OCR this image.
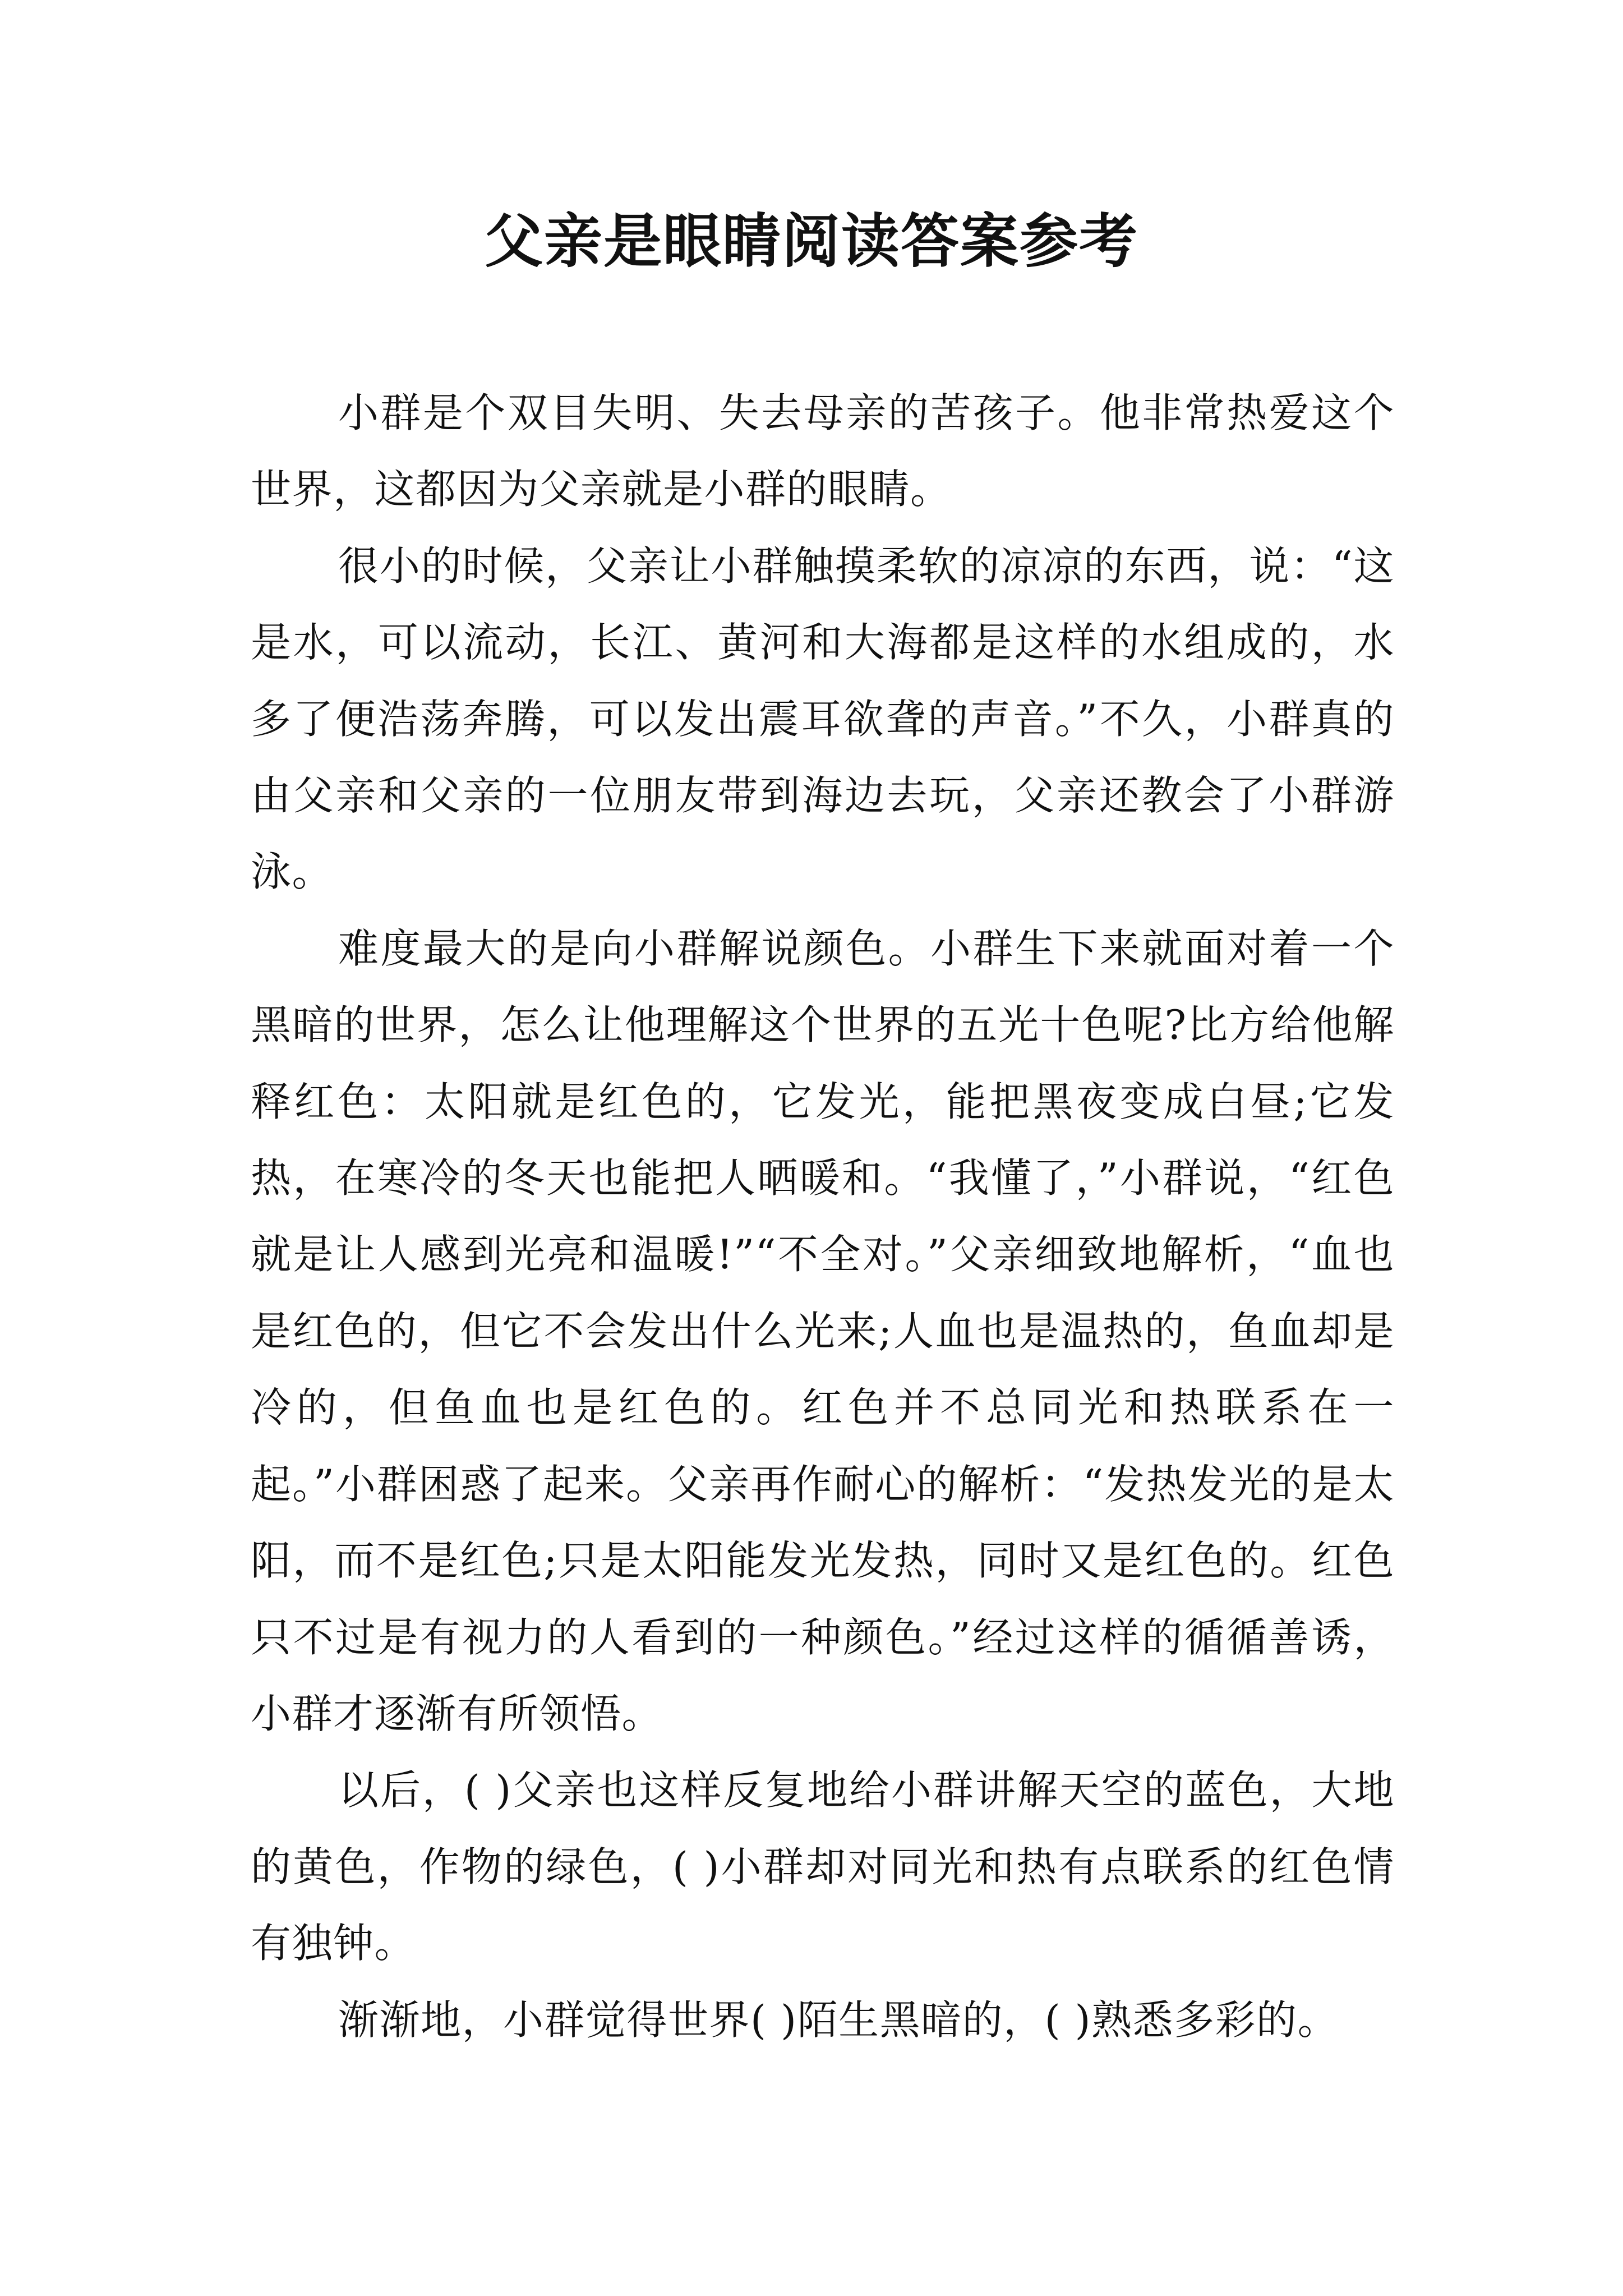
父亲是眼睛阅读答案参考

小群是个双目失明、失去母亲的苦孩子。他非常热爱这个世界，这都因为父亲就是小群的眼睛。

很小的时候，父亲让小群触摸柔软的凉凉的东西，说：“这是水，可以流动，长江、黄河和大海都是这样的水组成的，水多了便浩荡奔腾，可以发出震耳欲聋的声音。”不久，小群真的由父亲和父亲的一位朋友带到海边去玩，父亲还教会了小群游泳。

难度最大的是向小群解说颜色。小群生下来就面对着一个黑暗的世界，怎么让他理解这个世界的五光十色呢?比方给他解释红色：太阳就是红色的，它发光，能把黑夜变成白昼;它发热，在寒冷的冬天也能把人晒暖和。“我懂了，”小群说，“红色就是让人感到光亮和温暖!”“不全对。”父亲细致地解析，“血也是红色的，但它不会发出什么光来;人血也是温热的，鱼血却是冷的，但鱼血也是红色的。红色并不总同光和热联系在一起。”小群困惑了起来。父亲再作耐心的解析：“发热发光的是太阳，而不是红色;只是太阳能发光发热，同时又是红色的。红色只不过是有视力的人看到的一种颜色。”经过这样的循循善诱，小群才逐渐有所领悟。

以后，( )父亲也这样反复地给小群讲解天空的蓝色，大地的黄色，作物的绿色，( )小群却对同光和热有点联系的红色情有独钟。

渐渐地，小群觉得世界( )陌生黑暗的，( )熟悉多彩的。
